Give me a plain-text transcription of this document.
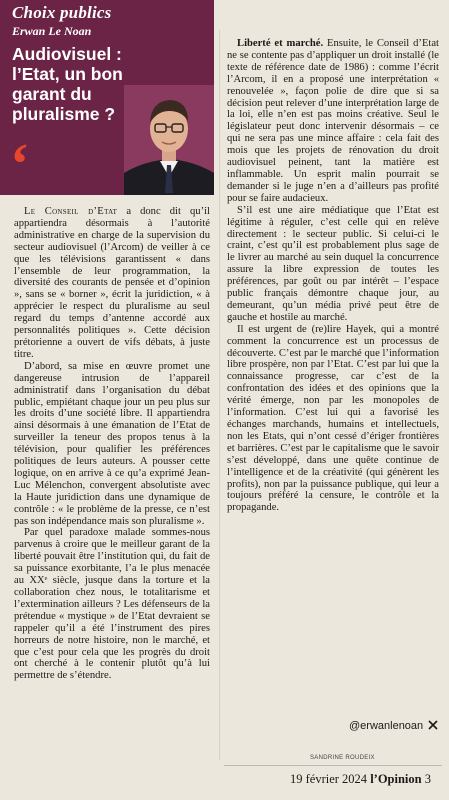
Choix publics
Erwan Le Noan
Audiovisuel : l’Etat, un bon garant du pluralisme ?
‘

Le Conseil d’Etat a donc dit qu’il appartiendra désormais à l’autorité administrative en charge de la supervision du secteur audiovisuel (l’Arcom) de veiller à ce que les télévisions garantissent « dans l’ensemble de leur programmation, la diversité des courants de pensée et d’opinion », sans se « borner », écrit la juridiction, « à apprécier le respect du pluralisme au seul regard du temps d’antenne accordé aux personnalités politiques ». Cette décision prétorienne a ouvert de vifs débats, à juste titre.

D’abord, sa mise en œuvre promet une dangereuse intrusion de l’appareil administratif dans l’organisation du débat public, empiétant chaque jour un peu plus sur les droits d’une société libre. Il appartiendra ainsi désormais à une émanation de l’Etat de surveiller la teneur des propos tenus à la télévision, pour qualifier les préférences politiques de leurs auteurs. A pousser cette logique, on en arrive à ce qu’a exprimé Jean-Luc Mélenchon, convergent absolutiste avec la Haute juridiction dans une dynamique de contrôle : « le problème de la presse, ce n’est pas son indépendance mais son pluralisme ».

Par quel paradoxe malade sommes-nous parvenus à croire que le meilleur garant de la liberté pouvait être l’institution qui, du fait de sa puissance exorbitante, l’a le plus menacée au XXᵉ siècle, jusque dans la torture et la collaboration chez nous, le totalitarisme et l’extermination ailleurs ? Les défenseurs de la prétendue « mystique » de l’Etat devraient se rappeler qu’il a été l’instrument des pires horreurs de notre histoire, non le marché, et que c’est pour cela que les progrès du droit ont cherché à le contenir plutôt qu’à lui permettre de s’étendre.

Liberté et marché. Ensuite, le Conseil d’Etat ne se contente pas d’appliquer un droit installé (le texte de référence date de 1986) : comme l’écrit l’Arcom, il en a proposé une interprétation « renouvelée », façon polie de dire que si sa décision peut relever d’une interprétation large de la loi, elle n’en est pas moins créative. Seul le législateur peut donc intervenir désormais – ce qui ne sera pas une mince affaire : cela fait des mois que les projets de rénovation du droit audiovisuel peinent, tant la matière est inflammable. Un esprit malin pourrait se demander si le juge n’en a d’ailleurs pas profité pour se faire audacieux.

S’il est une aire médiatique que l’Etat est légitime à réguler, c’est celle qui en relève directement : le secteur public. Si celui-ci le craint, c’est qu’il est probablement plus sage de le livrer au marché au sein duquel la concurrence assure la libre expression de toutes les préférences, par goût ou par intérêt – l’espace public français démontre chaque jour, au demeurant, qu’un média privé peut être de gauche et hostile au marché.

Il est urgent de (re)lire Hayek, qui a montré comment la concurrence est un processus de découverte. C’est par le marché que l’information libre prospère, non par l’Etat. C’est par lui que la connaissance progresse, car c’est de la confrontation des idées et des opinions que la vérité émerge, non par les monopoles de l’information. C’est lui qui a favorisé les échanges marchands, humains et intellectuels, non les Etats, qui n’ont cessé d’ériger frontières et barrières. C’est par le capitalisme que le savoir s’est développé, dans une quête continue de l’intelligence et de la créativité (qui génèrent les profits), non par la puissance publique, qui leur a toujours préféré la censure, le contrôle et la propagande.

@erwanlenoan
SANDRINE ROUDEIX
19 février 2024 l’Opinion 3
